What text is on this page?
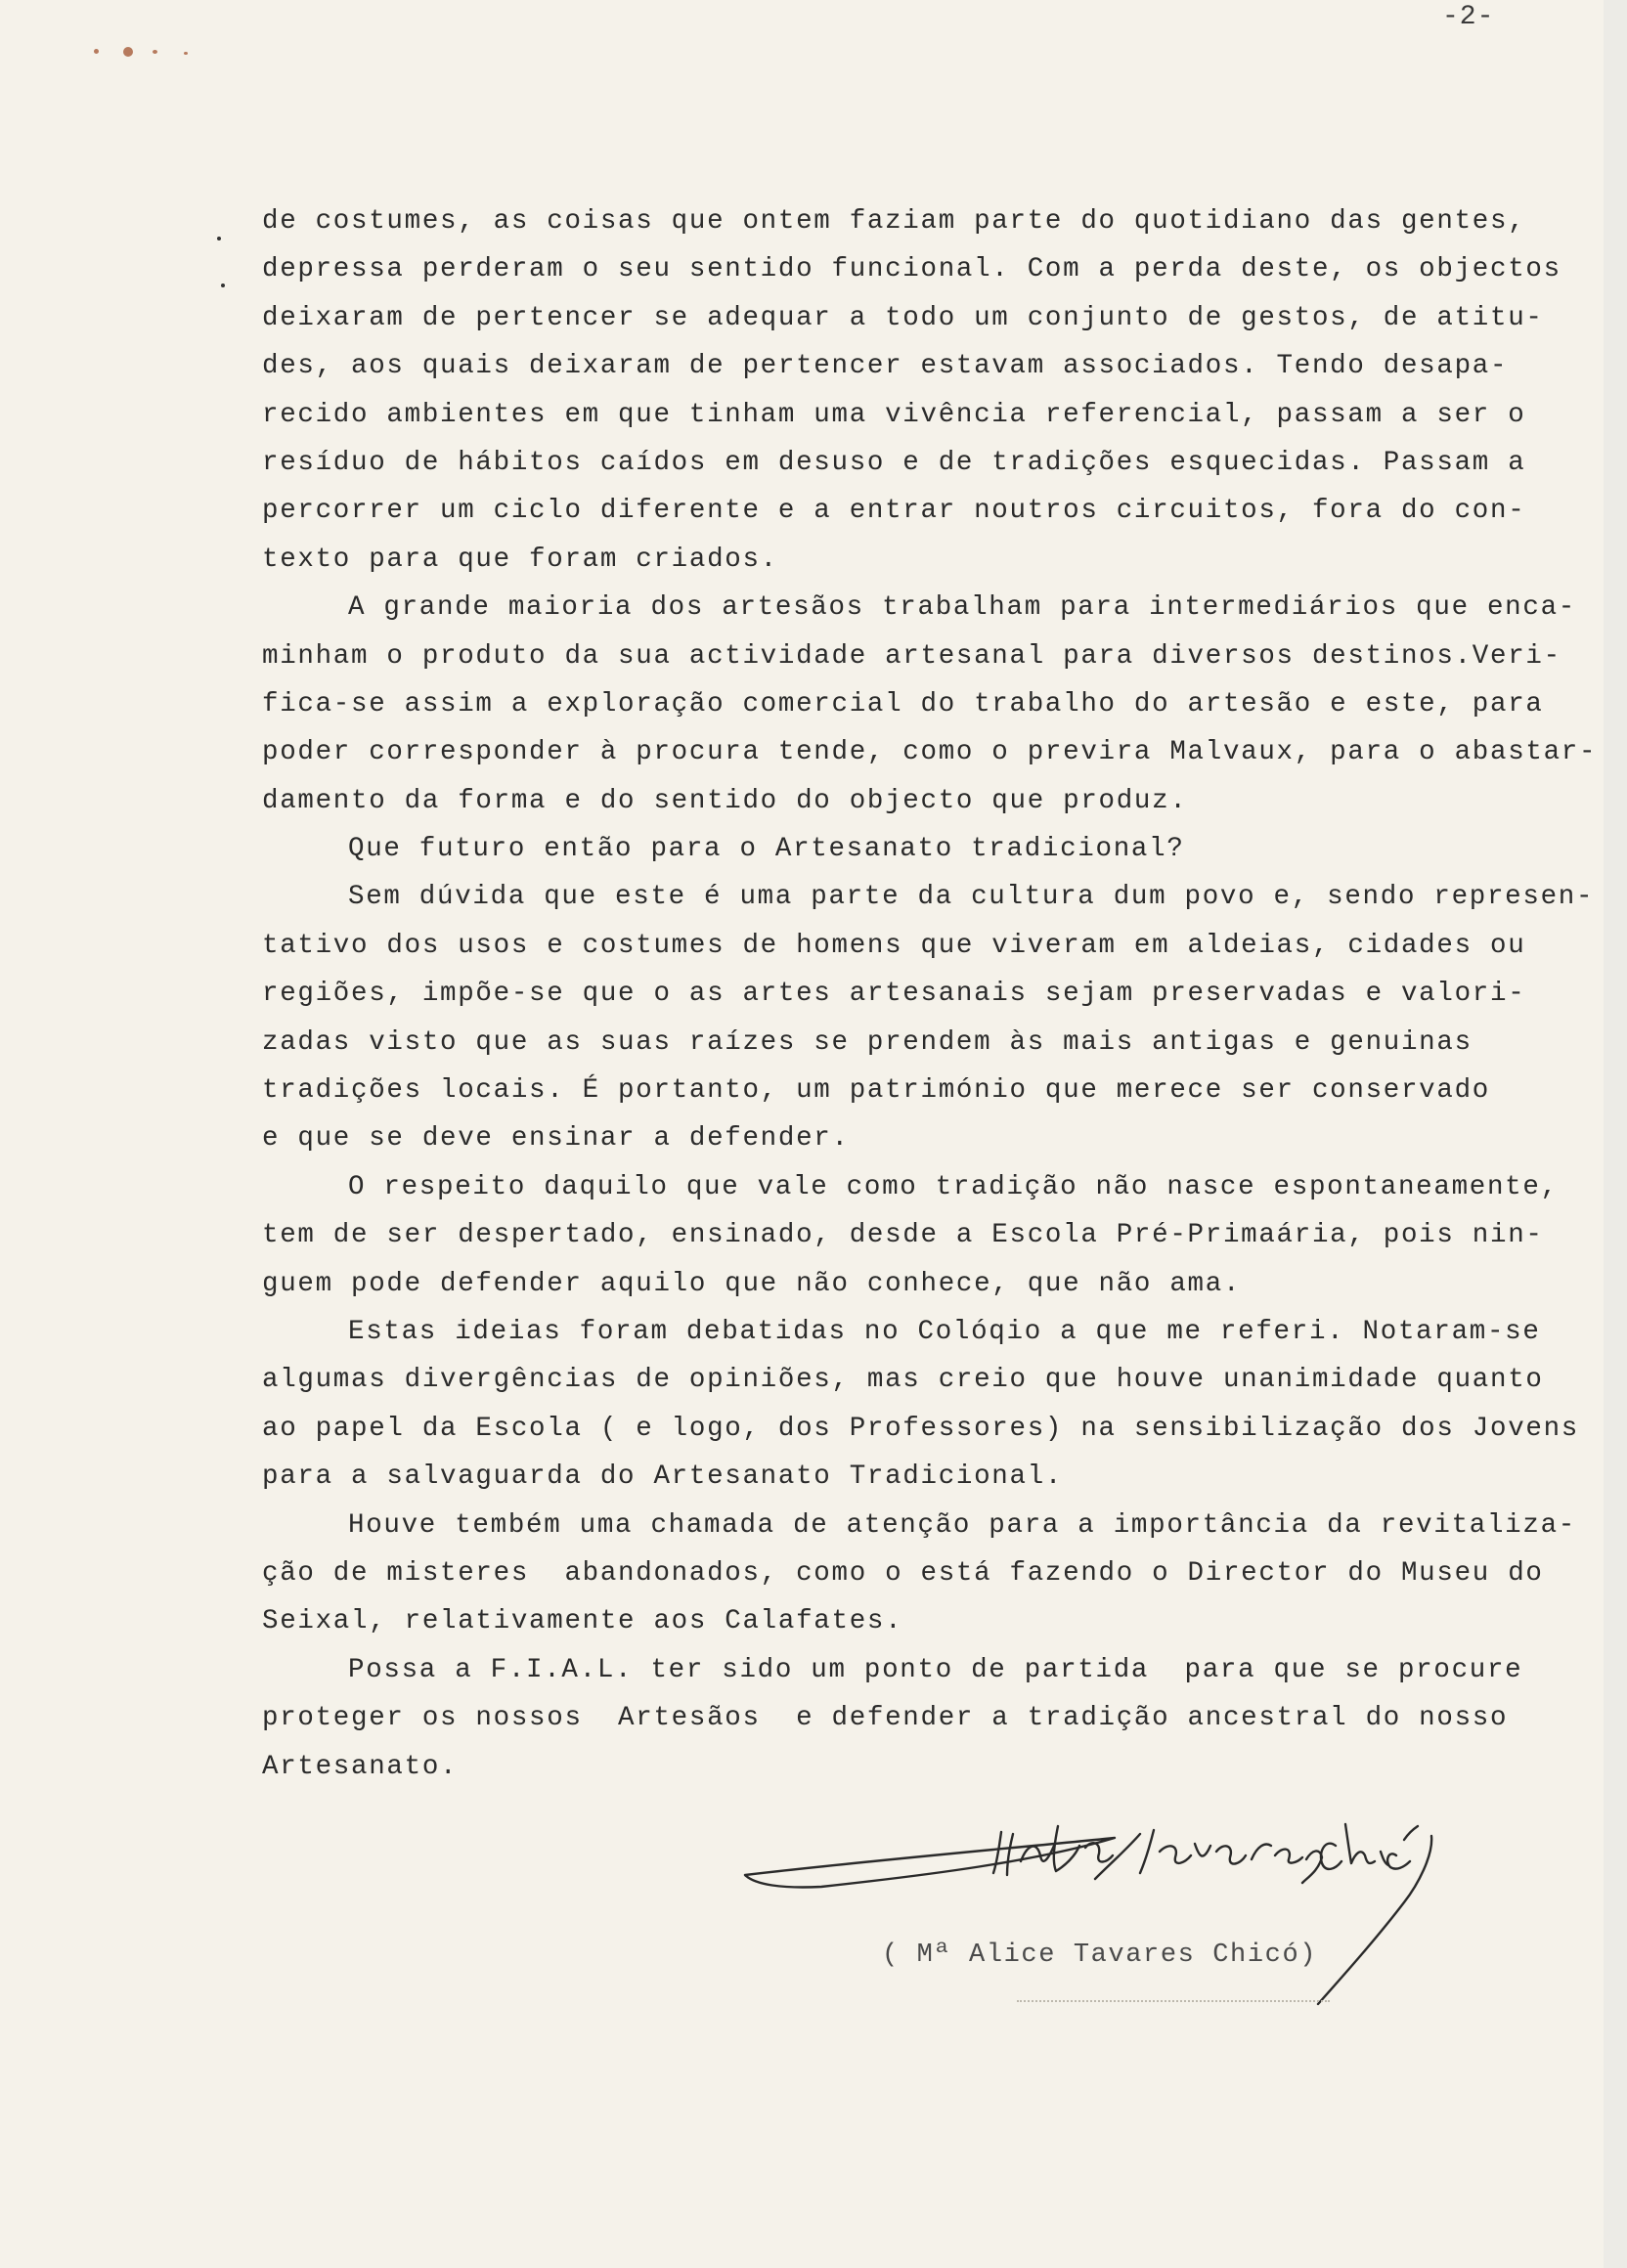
-2-
de costumes, as coisas que ontem faziam parte do quotidiano das gentes,
depressa perderam o seu sentido funcional. Com a perda deste, os objectos
deixaram de pertencer se adequar a todo um conjunto de gestos, de atitu-
des, aos quais deixaram de pertencer estavam associados. Tendo desapa-
recido ambientes em que tinham uma vivência referencial, passam a ser o
resíduo de hábitos caídos em desuso e de tradições esquecidas. Passam a
percorrer um ciclo diferente e a entrar noutros circuitos, fora do con-
texto para que foram criados.
A grande maioria dos artesãos trabalham para intermediários que enca-
minham o produto da sua actividade artesanal para diversos destinos.Veri-
fica-se assim a exploração comercial do trabalho do artesão e este, para
poder corresponder à procura tende, como o previra Malvaux, para o abastar-
damento da forma e do sentido do objecto que produz.
Que futuro então para o Artesanato tradicional?
Sem dúvida que este é uma parte da cultura dum povo e, sendo represen-
tativo dos usos e costumes de homens que viveram em aldeias, cidades ou
regiões, impõe-se que o as artes artesanais sejam preservadas e valori-
zadas visto que as suas raízes se prendem às mais antigas e genuinas
tradições locais. É portanto, um património que merece ser conservado
e que se deve ensinar a defender.
O respeito daquilo que vale como tradição não nasce espontaneamente,
tem de ser despertado, ensinado, desde a Escola Pré-Primaária, pois nin-
guem pode defender aquilo que não conhece, que não ama.
Estas ideias foram debatidas no Colóqio a que me referi. Notaram-se
algumas divergências de opiniões, mas creio que houve unanimidade quanto
ao papel da Escola ( e logo, dos Professores) na sensibilização dos Jovens
para a salvaguarda do Artesanato Tradicional.
Houve tembém uma chamada de atenção para a importância da revitaliza-
ção de misteres  abandonados, como o está fazendo o Director do Museu do
Seixal, relativamente aos Calafates.
Possa a F.I.A.L. ter sido um ponto de partida  para que se procure
proteger os nossos  Artesãos  e defender a tradição ancestral do nosso
Artesanato.
( Mª Alice Tavares Chicó)
